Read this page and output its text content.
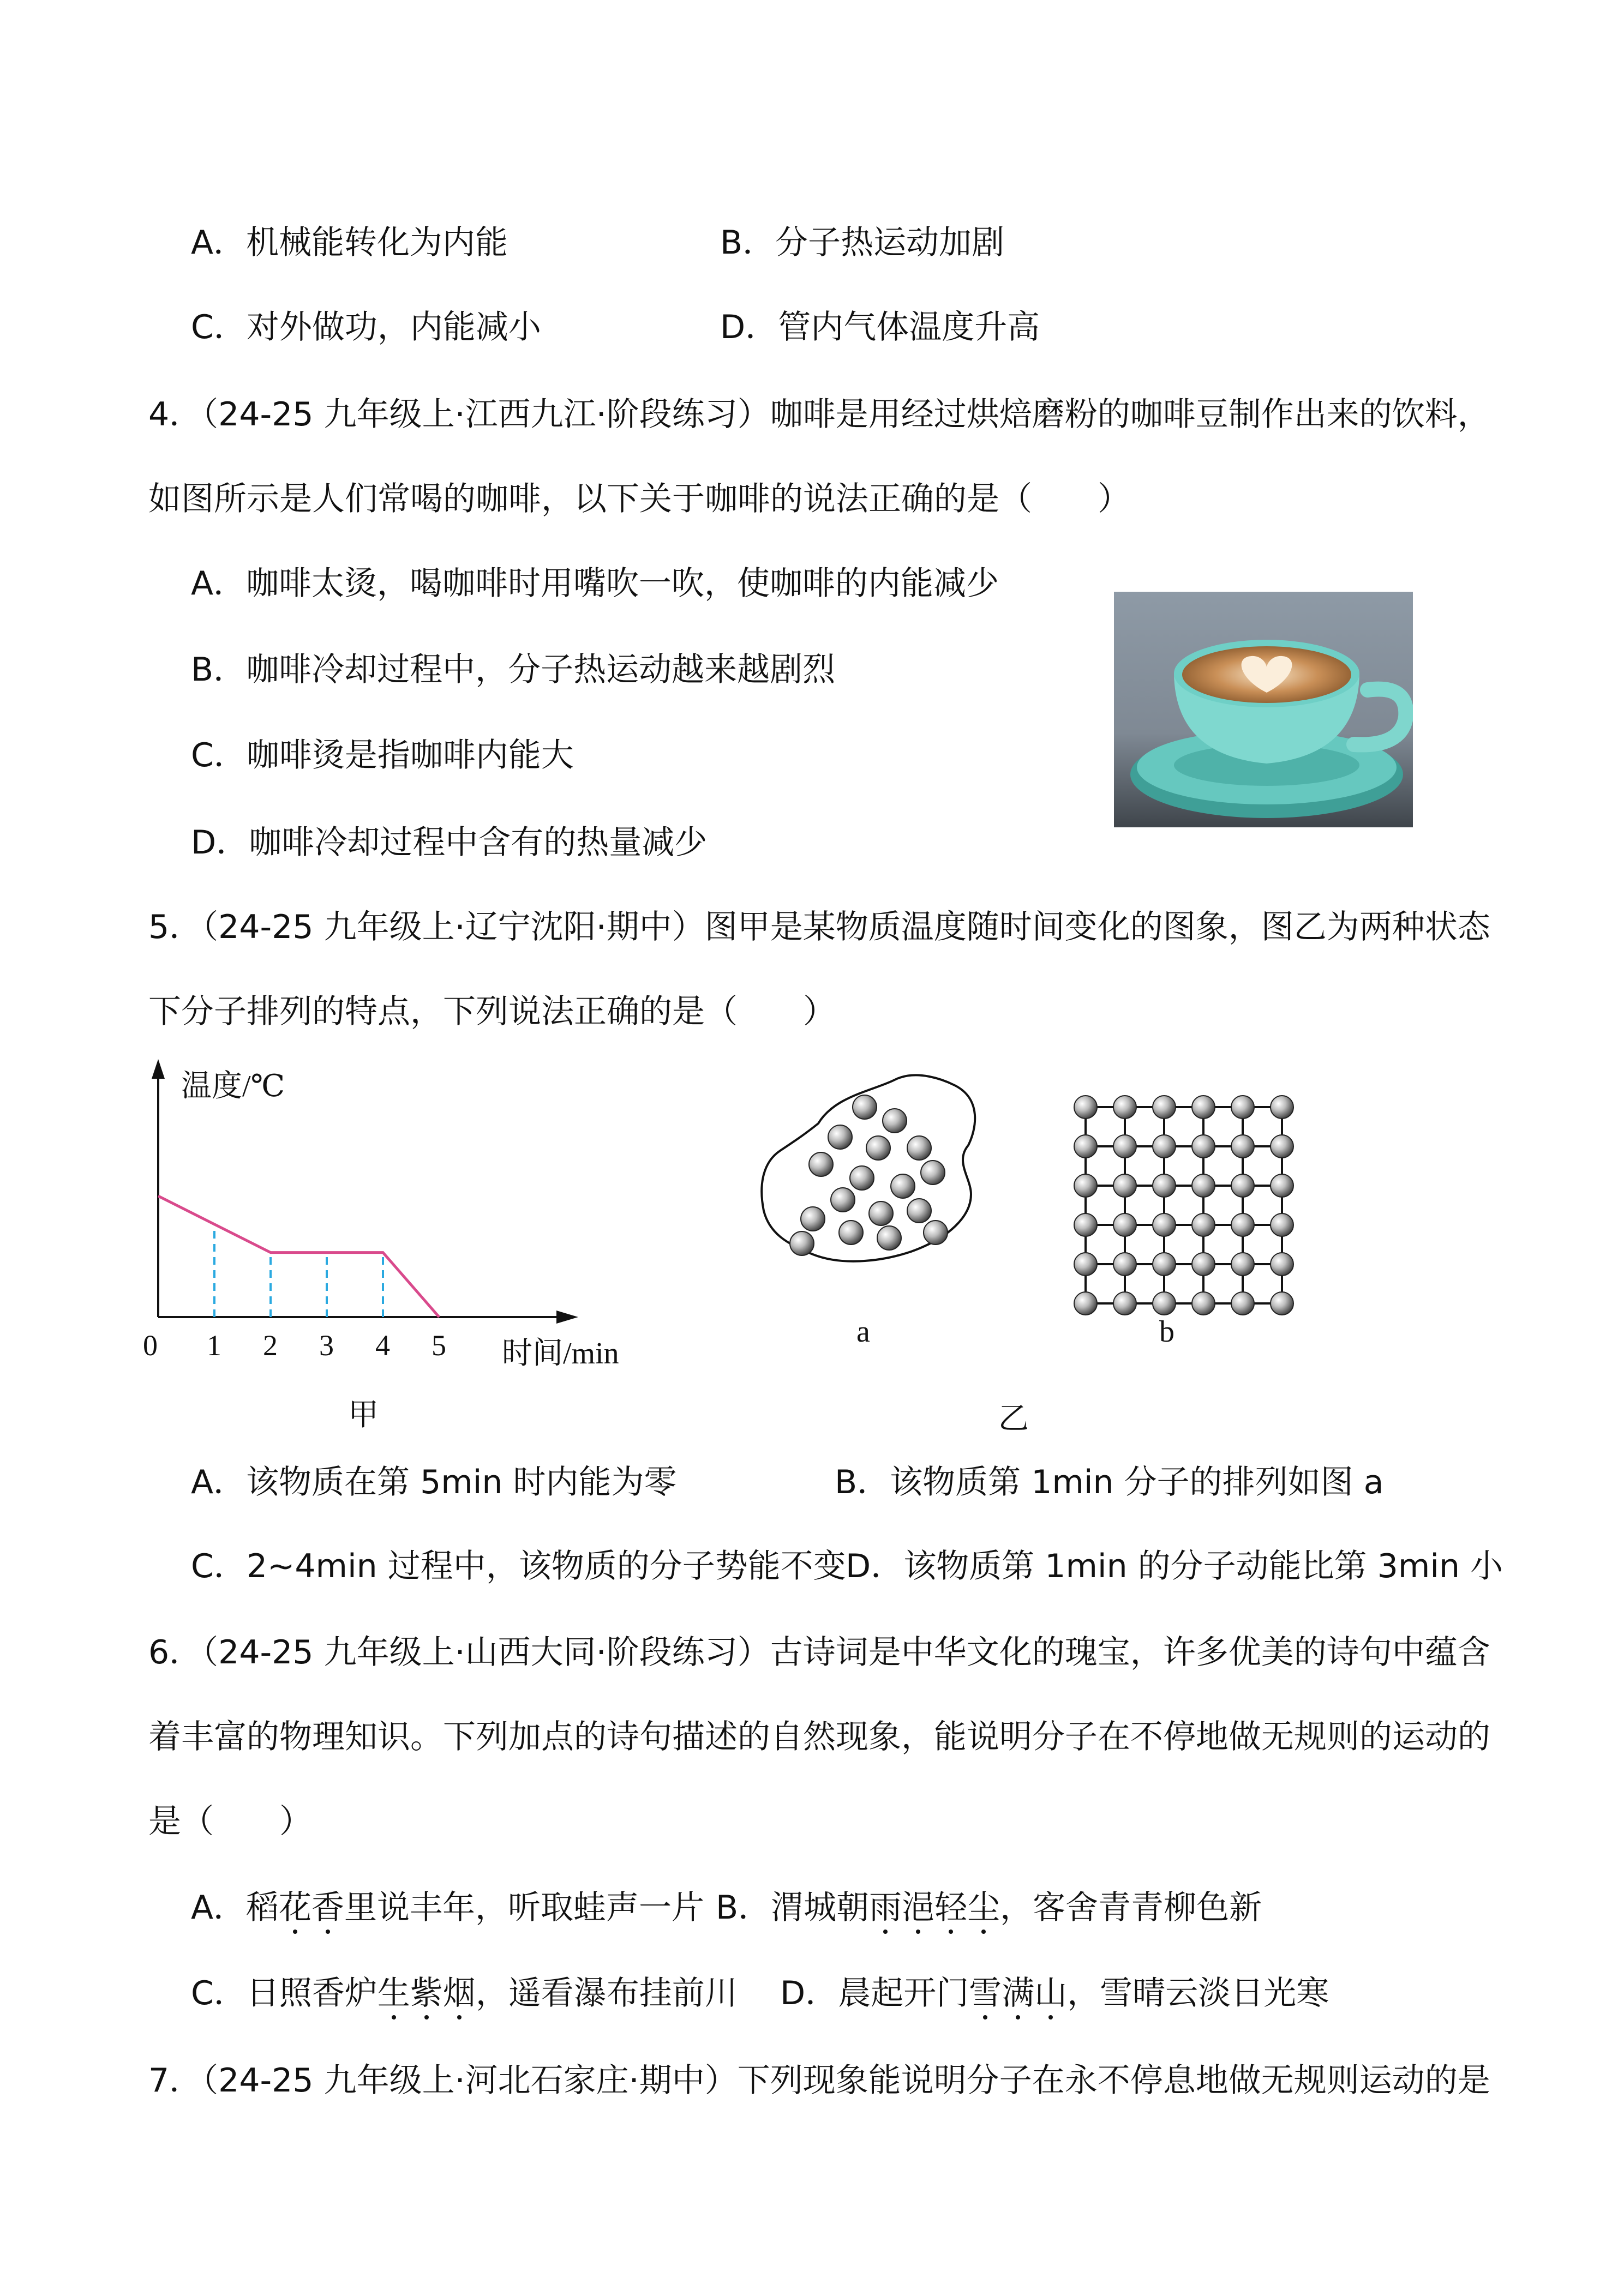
A．机械能转化为内能	B．分子热运动加剧
C．对外做功，内能减小	D．管内气体温度升高
4．（24-25 九年级上·江西九江·阶段练习）咖啡是用经过烘焙磨粉的咖啡豆制作出来的饮料，
如图所示是人们常喝的咖啡，以下关于咖啡的说法正确的是（　　）
A．咖啡太烫，喝咖啡时用嘴吹一吹，使咖啡的内能减少
B．咖啡冷却过程中，分子热运动越来越剧烈
C．咖啡烫是指咖啡内能大
D．咖啡冷却过程中含有的热量减少
5．（24-25 九年级上·辽宁沈阳·期中）图甲是某物质温度随时间变化的图象，图乙为两种状态
下分子排列的特点，下列说法正确的是（　　）
0 1 2 3 4 5
温度/℃
时间/min
甲
a	b
乙
A．该物质在第 5min 时内能为零	B．该物质第 1min 分子的排列如图 a
C．2~4min 过程中，该物质的分子势能不变 D．该物质第 1min 的分子动能比第 3min 小
6．（24-25 九年级上·山西大同·阶段练习）古诗词是中华文化的瑰宝，许多优美的诗句中蕴含
着丰富的物理知识。下列加点的诗句描述的自然现象，能说明分子在不停地做无规则的运动的
是（　　）
A．稻花香里说丰年，听取蛙声一片 B．渭城朝雨浥轻尘，客舍青青柳色新
C．日照香炉生紫烟，遥看瀑布挂前川 D．晨起开门雪满山，雪晴云淡日光寒
7．（24-25 九年级上·河北石家庄·期中）下列现象能说明分子在永不停息地做无规则运动的是
